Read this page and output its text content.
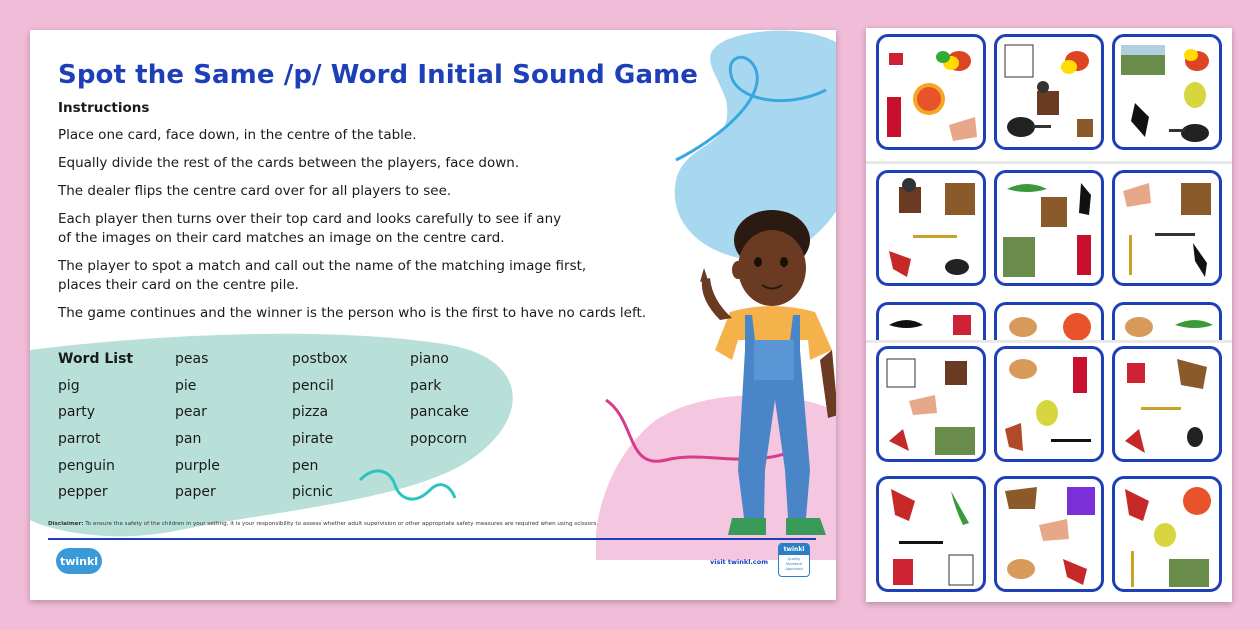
Spot the Same /p/ Word Initial Sound Game
Instructions

Place one card, face down, in the centre of the table.

Equally divide the rest of the cards between the players, face down.

The dealer flips the centre card over for all players to see.

Each player then turns over their top card and looks carefully to see if any
of the images on their card matches an image on the centre card.

The player to spot a match and call out the name of the matching image first,
places their card on the centre pile.

The game continues and the winner is the person who is the first to have no cards left.

Word List
pig
party
parrot
penguin
pepper
peas
pie
pear
pan
purple
paper
postbox
pencil
pizza
pirate
pen
picnic
piano
park
pancake
popcorn
Disclaimer: To ensure the safety of the children in your setting, it is your responsibility to assess whether adult supervision or other appropriate safety measures are required when using scissors.
twinkl	visit twinkl.com
twinkl
Quality Standard Approved
